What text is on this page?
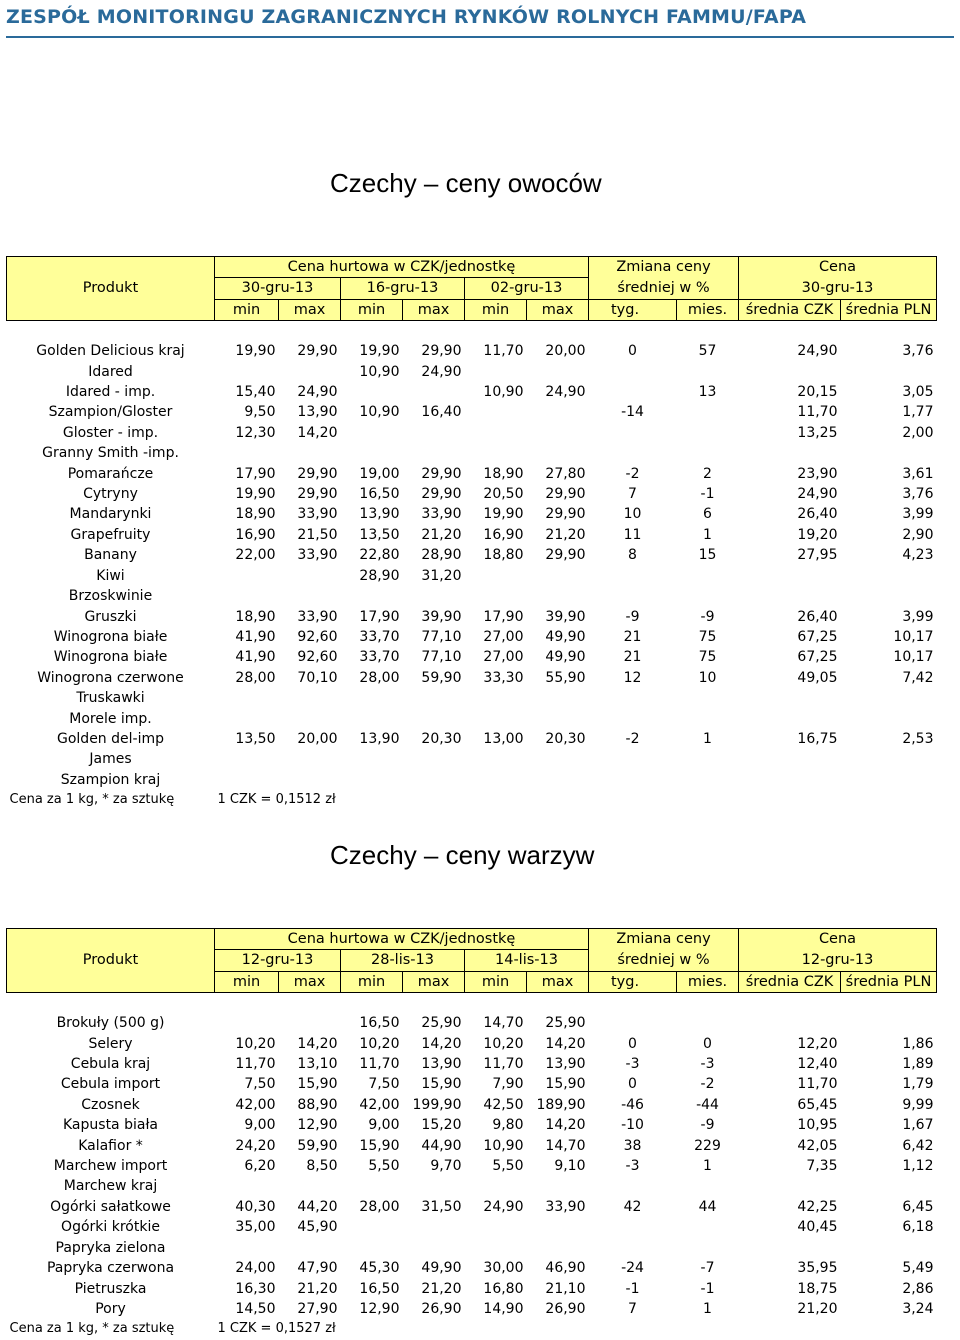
ZESPÓŁ MONITORINGU ZAGRANICZNYCH RYNKÓW ROLNYCH FAMMU/FAPA
Czechy – ceny owoców
	Cena hurtowa w CZK/jednostkę						Zmiana ceny		Cena	
Produkt	30-gru-13		16-gru-13		02-gru-13		średniej w %		30-gru-13	
	min	max	min	max	min	max	tyg.	mies.	średnia CZK	średnia PLN

Golden Delicious kraj	19,90	29,90	19,90	29,90	11,70	20,00	0	57	24,90	3,76
Idared			10,90	24,90						
Idared - imp.	15,40	24,90			10,90	24,90		13	20,15	3,05
Szampion/Gloster	9,50	13,90	10,90	16,40			-14		11,70	1,77
Gloster - imp.	12,30	14,20							13,25	2,00
Granny Smith -imp.										
Pomarańcze	17,90	29,90	19,00	29,90	18,90	27,80	-2	2	23,90	3,61
Cytryny	19,90	29,90	16,50	29,90	20,50	29,90	7	-1	24,90	3,76
Mandarynki	18,90	33,90	13,90	33,90	19,90	29,90	10	6	26,40	3,99
Grapefruity	16,90	21,50	13,50	21,20	16,90	21,20	11	1	19,20	2,90
Banany	22,00	33,90	22,80	28,90	18,80	29,90	8	15	27,95	4,23
Kiwi			28,90	31,20						
Brzoskwinie										
Gruszki	18,90	33,90	17,90	39,90	17,90	39,90	-9	-9	26,40	3,99
Winogrona białe	41,90	92,60	33,70	77,10	27,00	49,90	21	75	67,25	10,17
Winogrona białe	41,90	92,60	33,70	77,10	27,00	49,90	21	75	67,25	10,17
Winogrona czerwone	28,00	70,10	28,00	59,90	33,30	55,90	12	10	49,05	7,42
Truskawki										
Morele imp.										
Golden del-imp	13,50	20,00	13,90	20,30	13,00	20,30	-2	1	16,75	2,53
James										
Szampion kraj										
Cena za 1 kg, * za sztukę	1 CZK = 0,1512 zł									
Czechy – ceny warzyw
	Cena hurtowa w CZK/jednostkę						Zmiana ceny		Cena	
Produkt	12-gru-13		28-lis-13		14-lis-13		średniej w %		12-gru-13	
	min	max	min	max	min	max	tyg.	mies.	średnia CZK	średnia PLN

Brokuły (500 g)			16,50	25,90	14,70	25,90				
Selery	10,20	14,20	10,20	14,20	10,20	14,20	0	0	12,20	1,86
Cebula kraj	11,70	13,10	11,70	13,90	11,70	13,90	-3	-3	12,40	1,89
Cebula import	7,50	15,90	7,50	15,90	7,90	15,90	0	-2	11,70	1,79
Czosnek	42,00	88,90	42,00	199,90	42,50	189,90	-46	-44	65,45	9,99
Kapusta biała	9,00	12,90	9,00	15,20	9,80	14,20	-10	-9	10,95	1,67
Kalafior *	24,20	59,90	15,90	44,90	10,90	14,70	38	229	42,05	6,42
Marchew import	6,20	8,50	5,50	9,70	5,50	9,10	-3	1	7,35	1,12
Marchew kraj										
Ogórki sałatkowe	40,30	44,20	28,00	31,50	24,90	33,90	42	44	42,25	6,45
Ogórki krótkie	35,00	45,90							40,45	6,18
Papryka zielona										
Papryka czerwona	24,00	47,90	45,30	49,90	30,00	46,90	-24	-7	35,95	5,49
Pietruszka	16,30	21,20	16,50	21,20	16,80	21,10	-1	-1	18,75	2,86
Pory	14,50	27,90	12,90	26,90	14,90	26,90	7	1	21,20	3,24
Cena za 1 kg, * za sztukę	1 CZK = 0,1527 zł									
